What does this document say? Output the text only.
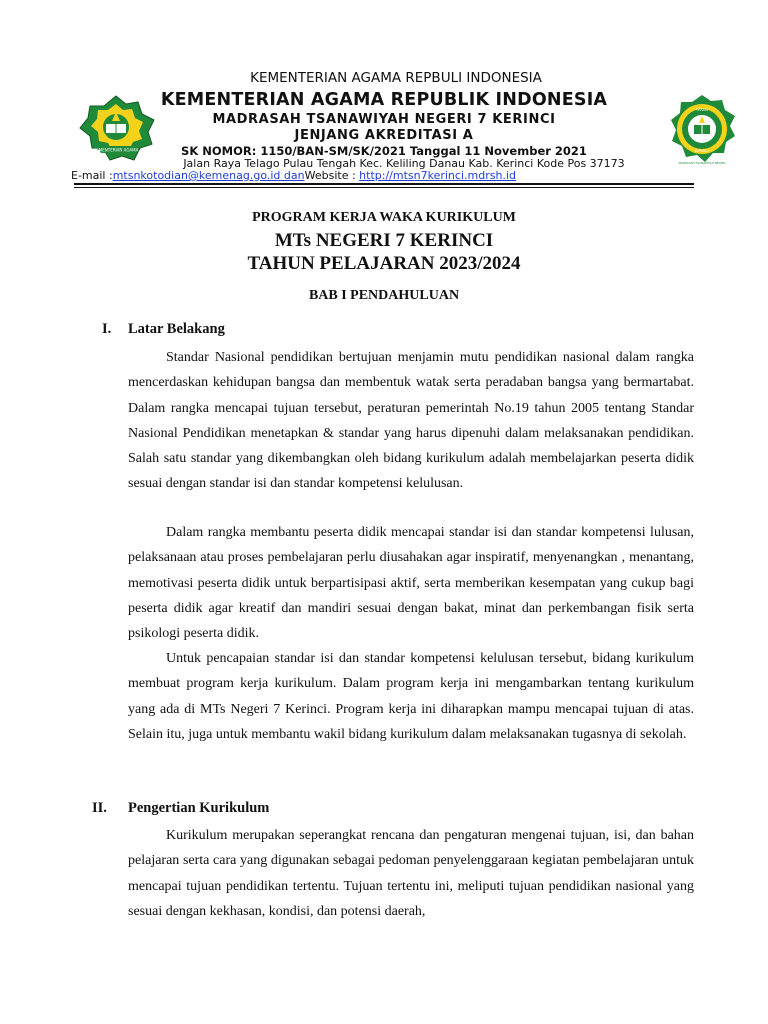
KEMENTERIAN AGAMA
TERASI
KERINCI
MADRASAH TSANAWIYAH NEGERI
KEMENTERIAN AGAMA REPBULI INDONESIA
KEMENTERIAN AGAMA REPUBLIK INDONESIA
MADRASAH TSANAWIYAH NEGERI 7 KERINCI
JENJANG AKREDITASI A
SK NOMOR: 1150/BAN-SM/SK/2021 Tanggal 11 November 2021
Jalan Raya Telago Pulau Tengah Kec. Keliling Danau Kab. Kerinci Kode Pos 37173
E-mail :mtsnkotodian@kemenag.go.id danWebsite : http://mtsn7kerinci.mdrsh.id
PROGRAM KERJA WAKA KURIKULUM
MTs NEGERI 7 KERINCI
TAHUN PELAJARAN 2023/2024
BAB I PENDAHULUAN
I. Latar Belakang

Standar Nasional pendidikan bertujuan menjamin mutu pendidikan nasional dalam rangka mencerdaskan kehidupan bangsa dan membentuk watak serta peradaban bangsa yang bermartabat. Dalam rangka mencapai tujuan tersebut, peraturan pemerintah No.19 tahun 2005 tentang Standar Nasional Pendidikan menetapkan & standar yang harus dipenuhi dalam melaksanakan pendidikan. Salah satu standar yang dikembangkan oleh bidang kurikulum adalah membelajarkan peserta didik sesuai dengan standar isi dan standar kompetensi kelulusan.

Dalam rangka membantu peserta didik mencapai standar isi dan standar kompetensi lulusan, pelaksanaan atau proses pembelajaran perlu diusahakan agar inspiratif, menyenangkan , menantang, memotivasi peserta didik untuk berpartisipasi aktif, serta memberikan kesempatan yang cukup bagi peserta didik agar kreatif dan mandiri sesuai dengan bakat, minat dan perkembangan fisik serta psikologi peserta didik.

Untuk pencapaian standar isi dan standar kompetensi kelulusan tersebut, bidang kurikulum membuat program kerja kurikulum. Dalam program kerja ini mengambarkan tentang kurikulum yang ada di MTs Negeri 7 Kerinci. Program kerja ini diharapkan mampu mencapai tujuan di atas. Selain itu, juga untuk membantu wakil bidang kurikulum dalam melaksanakan tugasnya di sekolah.

II. Pengertian Kurikulum

Kurikulum merupakan seperangkat rencana dan pengaturan mengenai tujuan, isi, dan bahan pelajaran serta cara yang digunakan sebagai pedoman penyelenggaraan kegiatan pembelajaran untuk mencapai tujuan pendidikan tertentu. Tujuan tertentu ini, meliputi tujuan pendidikan nasional yang sesuai dengan kekhasan, kondisi, dan potensi daerah,
